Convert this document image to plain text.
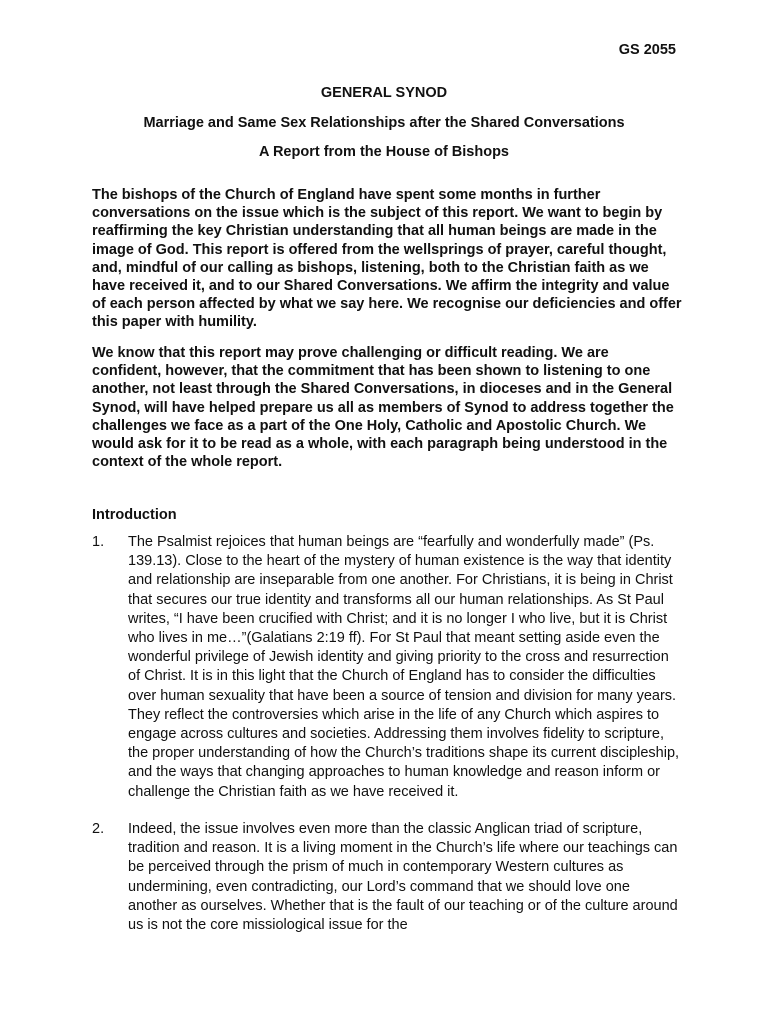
GS 2055
GENERAL SYNOD
Marriage and Same Sex Relationships after the Shared Conversations
A Report from the House of Bishops

The bishops of the Church of England have spent some months in further conversations on the issue which is the subject of this report. We want to begin by reaffirming the key Christian understanding that all human beings are made in the image of God. This report is offered from the wellsprings of prayer, careful thought, and, mindful of our calling as bishops, listening, both to the Christian faith as we have received it, and to our Shared Conversations. We affirm the integrity and value of each person affected by what we say here. We recognise our deficiencies and offer this paper with humility.

We know that this report may prove challenging or difficult reading. We are confident, however, that the commitment that has been shown to listening to one another, not least through the Shared Conversations, in dioceses and in the General Synod, will have helped prepare us all as members of Synod to address together the challenges we face as a part of the One Holy, Catholic and Apostolic Church. We would ask for it to be read as a whole, with each paragraph being understood in the context of the whole report.

Introduction
1. The Psalmist rejoices that human beings are “fearfully and wonderfully made” (Ps. 139.13). Close to the heart of the mystery of human existence is the way that identity and relationship are inseparable from one another. For Christians, it is being in Christ that secures our true identity and transforms all our human relationships. As St Paul writes, “I have been crucified with Christ; and it is no longer I who live, but it is Christ who lives in me…”(Galatians 2:19 ff). For St Paul that meant setting aside even the wonderful privilege of Jewish identity and giving priority to the cross and resurrection of Christ. It is in this light that the Church of England has to consider the difficulties over human sexuality that have been a source of tension and division for many years. They reflect the controversies which arise in the life of any Church which aspires to engage across cultures and societies. Addressing them involves fidelity to scripture, the proper understanding of how the Church’s traditions shape its current discipleship, and the ways that changing approaches to human knowledge and reason inform or challenge the Christian faith as we have received it.
2. Indeed, the issue involves even more than the classic Anglican triad of scripture, tradition and reason. It is a living moment in the Church’s life where our teachings can be perceived through the prism of much in contemporary Western cultures as undermining, even contradicting, our Lord’s command that we should love one another as ourselves. Whether that is the fault of our teaching or of the culture around us is not the core missiological issue for the
